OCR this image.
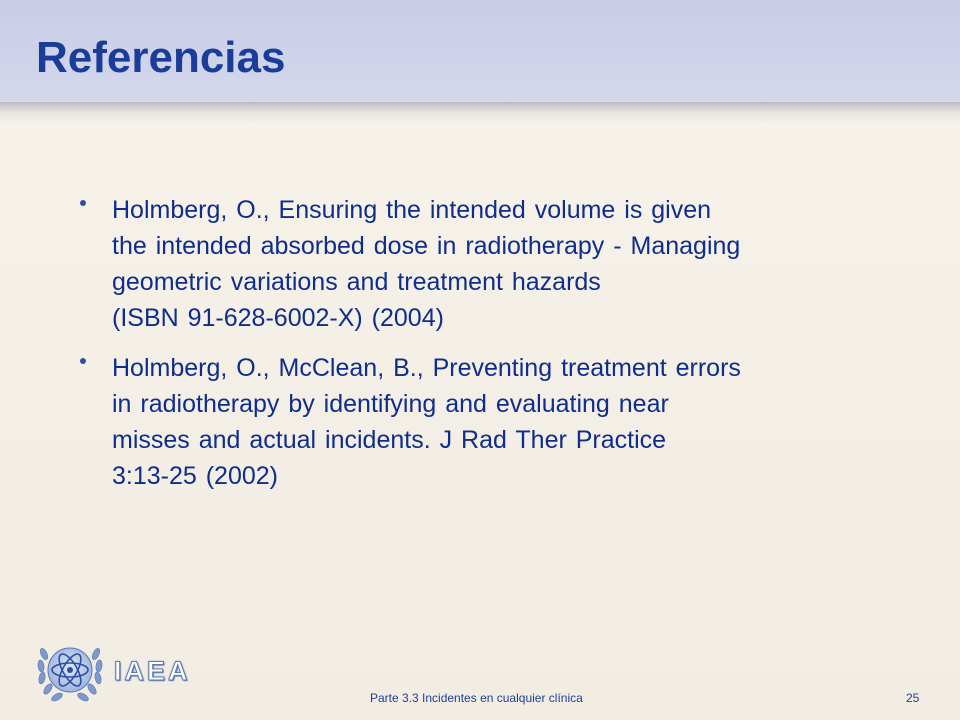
Referencias
Holmberg, O., Ensuring the intended volume is given
the intended absorbed dose in radiotherapy - Managing
geometric variations and treatment hazards
(ISBN 91-628-6002-X) (2004)
Holmberg, O., McClean, B., Preventing treatment errors
in radiotherapy by identifying and evaluating near
misses and actual incidents. J Rad Ther Practice
3:13-25 (2002)
IAEA
Parte 3.3 Incidentes en cualquier clínica	25
